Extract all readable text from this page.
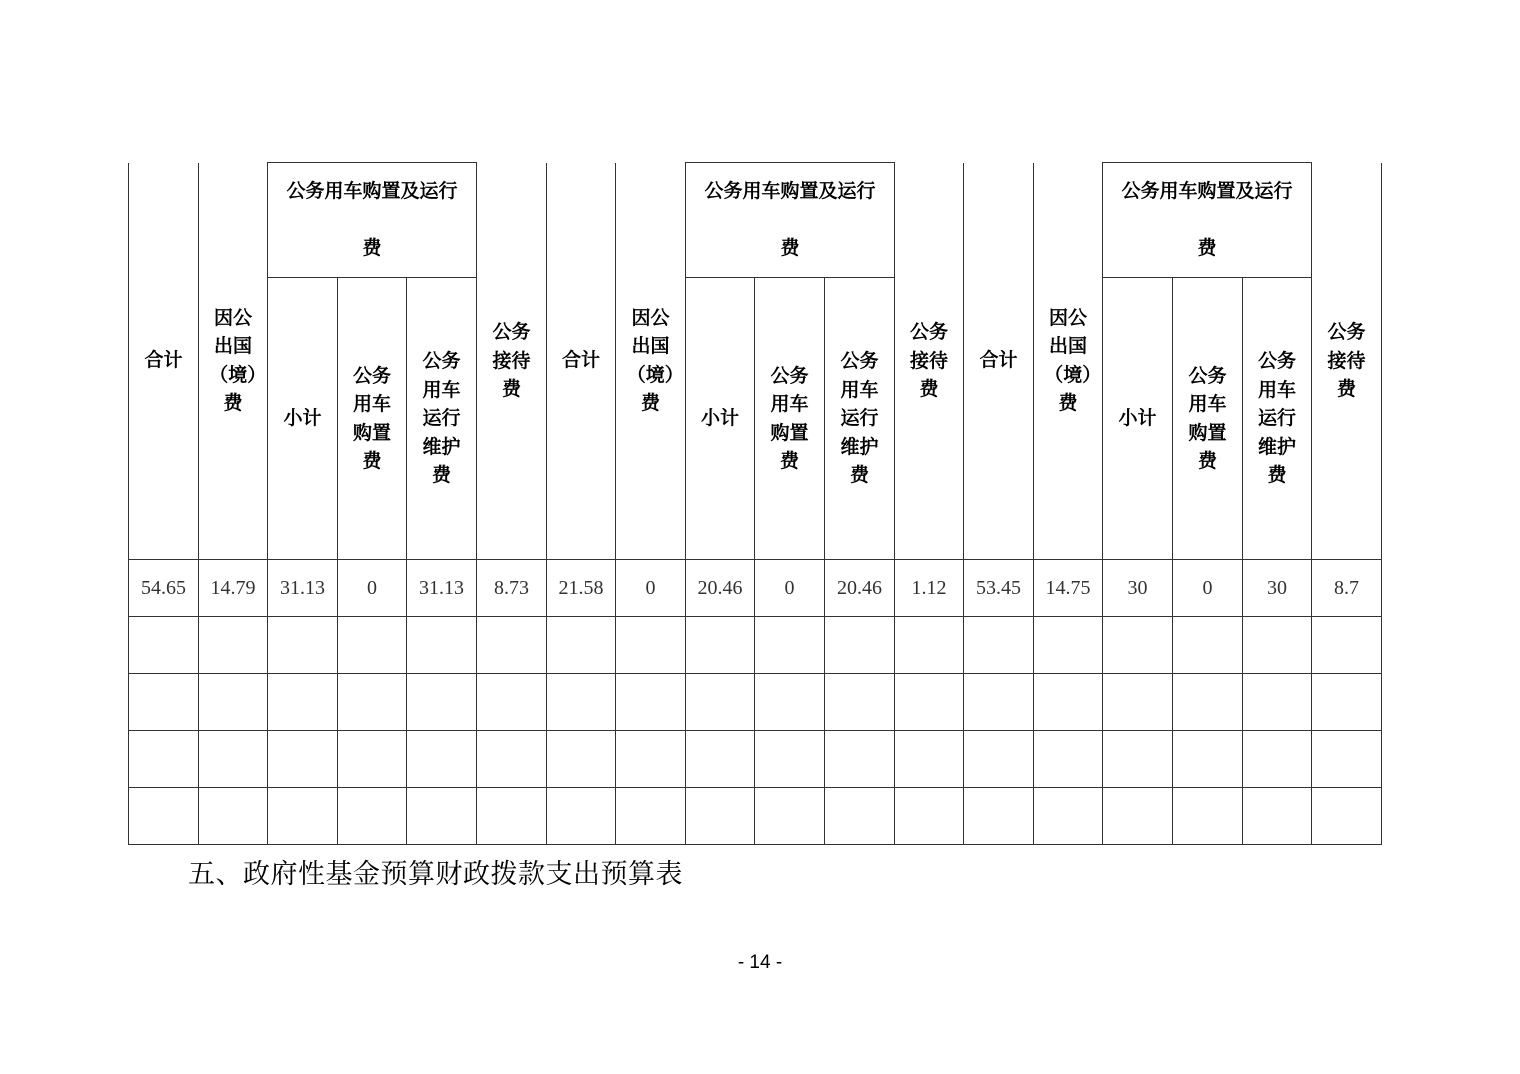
合计	因公出国（境）费	公务用车购置及运行费			公务接待费	合计	因公出国（境）费	公务用车购置及运行费			公务接待费	合计	因公出国（境）费	公务用车购置及运行费			公务接待费
		小计	公务用车购置费	公务用车运行维护费				小计	公务用车购置费	公务用车运行维护费				小计	公务用车购置费	公务用车运行维护费	
54.65	14.79	31.13	0	31.13	8.73	21.58	0	20.46	0	20.46	1.12	53.45	14.75	30	0	30	8.7

五、政府性基金预算财政拨款支出预算表
- 14 -
